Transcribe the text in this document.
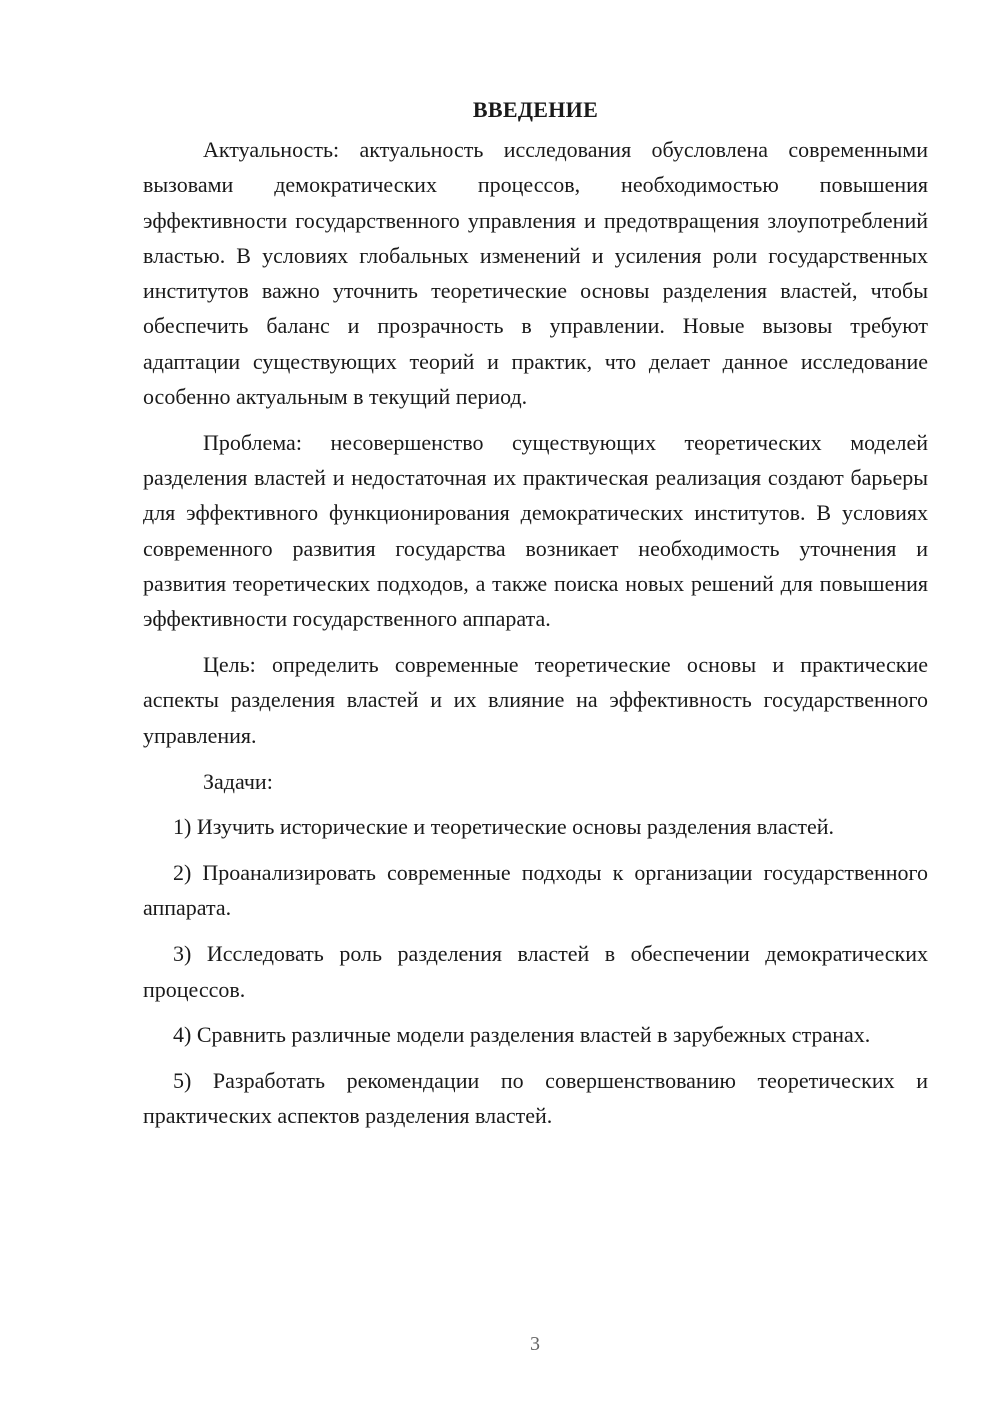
ВВЕДЕНИЕ

Актуальность: актуальность исследования обусловлена современными вызовами демократических процессов, необходимостью повышения эффективности государственного управления и предотвращения злоупотреблений властью. В условиях глобальных изменений и усиления роли государственных институтов важно уточнить теоретические основы разделения властей, чтобы обеспечить баланс и прозрачность в управлении. Новые вызовы требуют адаптации существующих теорий и практик, что делает данное исследование особенно актуальным в текущий период.

Проблема: несовершенство существующих теоретических моделей разделения властей и недостаточная их практическая реализация создают барьеры для эффективного функционирования демократических институтов. В условиях современного развития государства возникает необходимость уточнения и развития теоретических подходов, а также поиска новых решений для повышения эффективности государственного аппарата.

Цель: определить современные теоретические основы и практические аспекты разделения властей и их влияние на эффективность государственного управления.

Задачи:

1) Изучить исторические и теоретические основы разделения властей.

2) Проанализировать современные подходы к организации государственного аппарата.

3) Исследовать роль разделения властей в обеспечении демократических процессов.

4) Сравнить различные модели разделения властей в зарубежных странах.

5) Разработать рекомендации по совершенствованию теоретических и практических аспектов разделения властей.

3
